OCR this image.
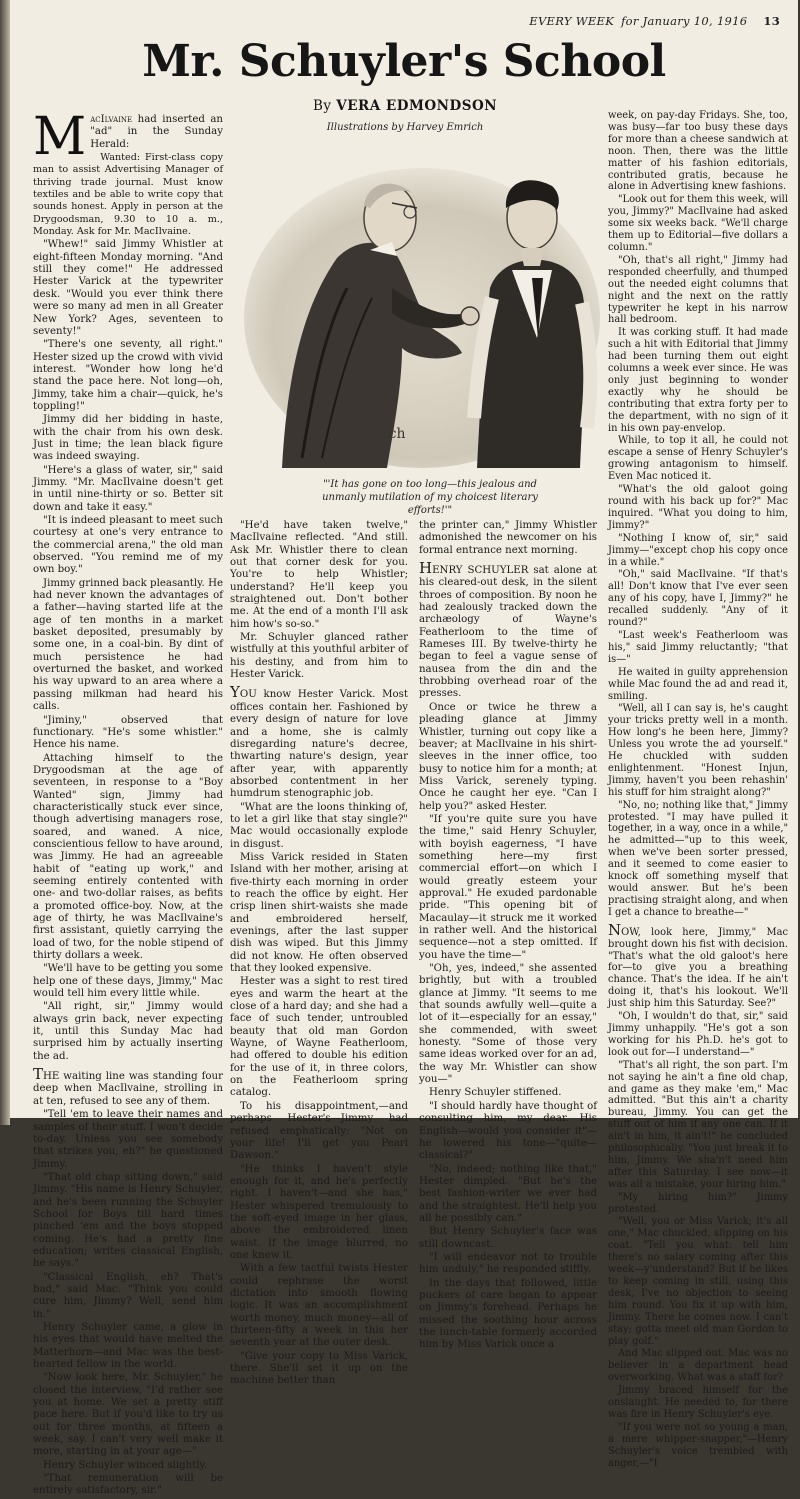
EVERY WEEK for January 10, 1916 13
Mr. Schuyler's School
By VERA EDMONDSON
Illustrations by Harvey Emrich
Emrich
"'It has gone on too long—this jealous and unmanly mutilation of my choicest literary efforts!'"

MacIlvaine had inserted an "ad" in the Sunday Herald:

Wanted: First-class copy man to assist Advertising Manager of thriving trade journal. Must know textiles and be able to write copy that sounds honest. Apply in person at the Drygoodsman, 9.30 to 10 a. m., Monday. Ask for Mr. MacIlvaine.

"Whew!" said Jimmy Whistler at eight-fifteen Monday morning. "And still they come!" He addressed Hester Varick at the typewriter desk. "Would you ever think there were so many ad men in all Greater New York? Ages, seventeen to seventy!"

"There's one seventy, all right." Hester sized up the crowd with vivid interest. "Wonder how long he'd stand the pace here. Not long—oh, Jimmy, take him a chair—quick, he's toppling!"

Jimmy did her bidding in haste, with the chair from his own desk. Just in time; the lean black figure was indeed swaying.

"Here's a glass of water, sir," said Jimmy. "Mr. MacIlvaine doesn't get in until nine-thirty or so. Better sit down and take it easy."

"It is indeed pleasant to meet such courtesy at one's very entrance to the commercial arena," the old man observed. "You remind me of my own boy."

Jimmy grinned back pleasantly. He had never known the advantages of a father—having started life at the age of ten months in a market basket deposited, presumably by some one, in a coal-bin. By dint of much persistence he had overturned the basket, and worked his way upward to an area where a passing milkman had heard his calls.

"Jiminy," observed that functionary. "He's some whistler." Hence his name.

Attaching himself to the Drygoodsman at the age of seventeen, in response to a "Boy Wanted" sign, Jimmy had characteristically stuck ever since, though advertising managers rose, soared, and waned. A nice, conscientious fellow to have around, was Jimmy. He had an agreeable habit of "eating up work," and seeming entirely contented with one- and two-dollar raises, as befits a promoted office-boy. Now, at the age of thirty, he was MacIlvaine's first assistant, quietly carrying the load of two, for the noble stipend of thirty dollars a week.

"We'll have to be getting you some help one of these days, Jimmy," Mac would tell him every little while.

"All right, sir," Jimmy would always grin back, never expecting it, until this Sunday Mac had surprised him by actually inserting the ad.

THE waiting line was standing four deep when MacIlvaine, strolling in at ten, refused to see any of them.

"Tell 'em to leave their names and samples of their stuff. I won't decide to-day. Unless you see somebody that strikes you, eh?" he questioned Jimmy.

"That old chap sitting down," said Jimmy. "His name is Henry Schuyler, and he's been running the Schuyler School for Boys till hard times pinched 'em and the boys stopped coming. He's had a pretty fine education; writes classical English, he says."

"Classical English, eh? That's bad," said Mac. "Think you could cure him, Jimmy? Well, send him in."

Henry Schuyler came, a glow in his eyes that would have melted the Matterhorn—and Mac was the best-hearted fellow in the world.

"Now look here, Mr. Schuyler," he closed the interview, "I'd rather see you at home. We set a pretty stiff pace here. But if you'd like to try us out for three months, at fifteen a week, say. I can't very well make it more, starting in at your age—"

Henry Schuyler winced slightly.

"That remuneration will be entirely satisfactory, sir."

"He'd have taken twelve," MacIlvaine reflected. "And still. Ask Mr. Whistler there to clean out that corner desk for you. You're to help Whistler; understand? He'll keep you straightened out. Don't bother me. At the end of a month I'll ask him how's so-so."

Mr. Schuyler glanced rather wistfully at this youthful arbiter of his destiny, and from him to Hester Varick.

YOU know Hester Varick. Most offices contain her. Fashioned by every design of nature for love and a home, she is calmly disregarding nature's decree, thwarting nature's design, year after year, with apparently absorbed contentment in her humdrum stenographic job.

"What are the loons thinking of, to let a girl like that stay single?" Mac would occasionally explode in disgust.

Miss Varick resided in Staten Island with her mother, arising at five-thirty each morning in order to reach the office by eight. Her crisp linen shirt-waists she made and embroidered herself, evenings, after the last supper dish was wiped. But this Jimmy did not know. He often observed that they looked expensive.

Hester was a sight to rest tired eyes and warm the heart at the close of a hard day; and she had a face of such tender, untroubled beauty that old man Gordon Wayne, of Wayne Featherloom, had offered to double his edition for the use of it, in three colors, on the Featherloom spring catalog.

To his disappointment,—and perhaps Hester's—Jimmy had refused emphatically: "Not on your life! I'll get you Pearl Dawson."

"He thinks I haven't style enough for it, and he's perfectly right. I haven't—and she has," Hester whispered tremulously to the soft-eyed image in her glass, above the embroidered linen waist. If the image blurred, no one knew it.

With a few tactful twists Hester could rephrase the worst dictation into smooth flowing logic. It was an accomplishment worth money, much money—all of thirteen-fifty a week in this her seventh year at the outer desk.

"Give your copy to Miss Varick, there. She'll set it up on the machine better than

the printer can," Jimmy Whistler admonished the newcomer on his formal entrance next morning.

HENRY SCHUYLER sat alone at his cleared-out desk, in the silent throes of composition. By noon he had zealously tracked down the archæology of Wayne's Featherloom to the time of Rameses III. By twelve-thirty he began to feel a vague sense of nausea from the din and the throbbing overhead roar of the presses.

Once or twice he threw a pleading glance at Jimmy Whistler, turning out copy like a beaver; at MacIlvaine in his shirt-sleeves in the inner office, too busy to notice him for a month; at Miss Varick, serenely typing. Once he caught her eye. "Can I help you?" asked Hester.

"If you're quite sure you have the time," said Henry Schuyler, with boyish eagerness, "I have something here—my first commercial effort—on which I would greatly esteem your approval." He exuded pardonable pride. "This opening bit of Macaulay—it struck me it worked in rather well. And the historical sequence—not a step omitted. If you have the time—"

"Oh, yes, indeed," she assented brightly, but with a troubled glance at Jimmy. "It seems to me that sounds awfully well—quite a lot of it—especially for an essay," she commended, with sweet honesty. "Some of those very same ideas worked over for an ad, the way Mr. Whistler can show you—"

Henry Schuyler stiffened.

"I should hardly have thought of consulting him, my dear. His English—would you consider it"—he lowered his tone—"quite—classical?"

"No, indeed; nothing like that," Hester dimpled. "But he's the best fashion-writer we ever had and the straightest. He'll help you all he possibly can."

But Henry Schuyler's face was still downcast.

"I will endeavor not to trouble him unduly," he responded stiffly.

In the days that followed, little puckers of care began to appear on Jimmy's forehead. Perhaps he missed the soothing hour across the lunch-table formerly accorded him by Miss Varick once a

week, on pay-day Fridays. She, too, was busy—far too busy these days for more than a cheese sandwich at noon. Then, there was the little matter of his fashion editorials, contributed gratis, because he alone in Advertising knew fashions.

"Look out for them this week, will you, Jimmy?" MacIlvaine had asked some six weeks back. "We'll charge them up to Editorial—five dollars a column."

"Oh, that's all right," Jimmy had responded cheerfully, and thumped out the needed eight columns that night and the next on the rattly typewriter he kept in his narrow hall bedroom.

It was corking stuff. It had made such a hit with Editorial that Jimmy had been turning them out eight columns a week ever since. He was only just beginning to wonder exactly why he should be contributing that extra forty per to the department, with no sign of it in his own pay-envelop.

While, to top it all, he could not escape a sense of Henry Schuyler's growing antagonism to himself. Even Mac noticed it.

"What's the old galoot going round with his back up for?" Mac inquired. "What you doing to him, Jimmy?"

"Nothing I know of, sir," said Jimmy—"except chop his copy once in a while."

"Oh," said MacIlvaine. "If that's all! Don't know that I've ever seen any of his copy, have I, Jimmy?" he recalled suddenly. "Any of it round?"

"Last week's Featherloom was his," said Jimmy reluctantly; "that is—"

He waited in guilty apprehension while Mac found the ad and read it, smiling.

"Well, all I can say is, he's caught your tricks pretty well in a month. How long's he been here, Jimmy? Unless you wrote the ad yourself." He chuckled with sudden enlightenment. "Honest Injun, Jimmy, haven't you been rehashin' his stuff for him straight along?"

"No, no; nothing like that," Jimmy protested. "I may have pulled it together, in a way, once in a while," he admitted—"up to this week, when we've been sorter pressed, and it seemed to come easier to knock off something myself that would answer. But he's been practising straight along, and when I get a chance to breathe—"

NOW, look here, Jimmy," Mac brought down his fist with decision. "That's what the old galoot's here for—to give you a breathing chance. That's the idea. If he ain't doing it, that's his lookout. We'll just ship him this Saturday. See?"

"Oh, I wouldn't do that, sir," said Jimmy unhappily. "He's got a son working for his Ph.D. he's got to look out for—I understand—"

"That's all right, the son part. I'm not saying he ain't a fine old chap, and game as they make 'em," Mac admitted. "But this ain't a charity bureau, Jimmy. You can get the stuff out of him if any one can. If it ain't in him, it ain't!" he concluded philosophically. "You just break it to him, Jimmy. We sha'n't need him after this Saturday. I see now—it was all a mistake, your hiring him."

"My hiring him?" Jimmy protested.

"Well, you or Miss Varick; it's all one," Mac chuckled, slipping on his coat. "Tell you what: tell him there's no salary coming after this week—y'understand? But if he likes to keep coming in still, using this desk, I've no objection to seeing him round. You fix it up with him, Jimmy. There he comes now. I can't stay; gotta meet old man Gordon to play golf."

And Mac slipped out. Mac was no believer in a department head overworking. What was a staff for?

Jimmy braced himself for the onslaught. He needed to, for there was fire in Henry Schuyler's eye.

"If you were not so young a man, a mere whipper-snapper,"—Henry Schuyler's voice trembled with anger,—"I
